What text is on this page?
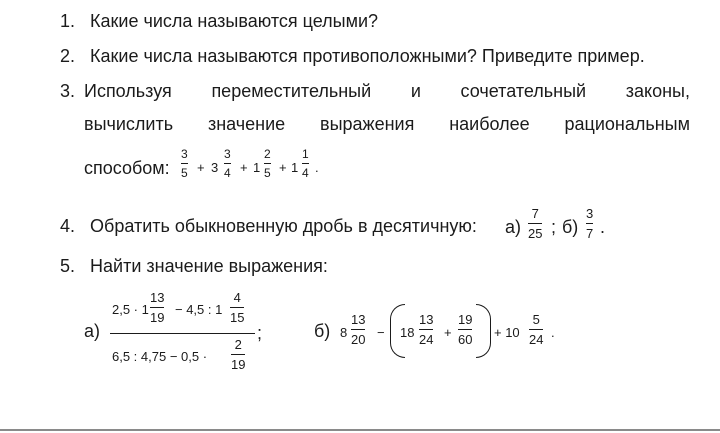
1. Какие числа называются целыми?
2. Какие числа называются противоположными? Приведите пример.
3. Используя переместительный и сочетательный законы,
вычислить значение выражения наиболее рациональным
способом:
3
5 + 3
3
4 + 1
2
5 + 1
1
4 .
4. Обратить обыкновенную дробь в десятичную: а)
7
25 ; б)
3
7 .
5. Найти значение выражения:
а)
2,5 · 1
13
19
− 4,5 : 1
4
15
;
6,5 : 4,75 − 0,5 ·
2
19
б) 8
13
20 − 18
13
24 +
19
60 + 10
5
24 .
